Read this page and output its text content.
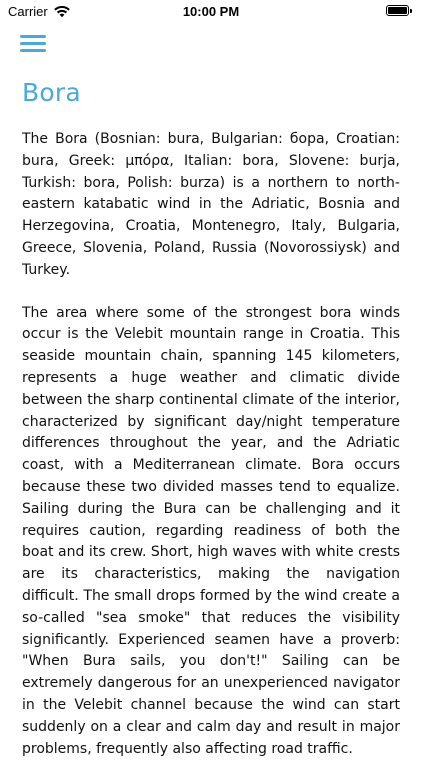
Carrier	10:00 PM
Bora

The Bora (Bosnian: bura, Bulgarian: бора, Croatian: bura, Greek: μπόρα, Italian: bora, Slovene: burja, Turkish: bora, Polish: burza) is a northern to north-eastern katabatic wind in the Adriatic, Bosnia and Herzegovina, Croatia, Montenegro, Italy, Bulgaria, Greece, Slovenia, Poland, Russia (Novorossiysk) and Turkey.

The area where some of the strongest bora winds occur is the Velebit mountain range in Croatia. This seaside mountain chain, spanning 145 kilometers, represents a huge weather and climatic divide between the sharp continental climate of the interior, characterized by significant day/night temperature differences throughout the year, and the Adriatic coast, with a Mediterranean climate. Bora occurs because these two divided masses tend to equalize. Sailing during the Bura can be challenging and it requires caution, regarding readiness of both the boat and its crew. Short, high waves with white crests are its characteristics, making the navigation difficult. The small drops formed by the wind create a so-called "sea smoke" that reduces the visibility significantly. Experienced seamen have a proverb: "When Bura sails, you don't!" Sailing can be extremely dangerous for an unexperienced navigator in the Velebit channel because the wind can start suddenly on a clear and calm day and result in major problems, frequently also affecting road traffic.
